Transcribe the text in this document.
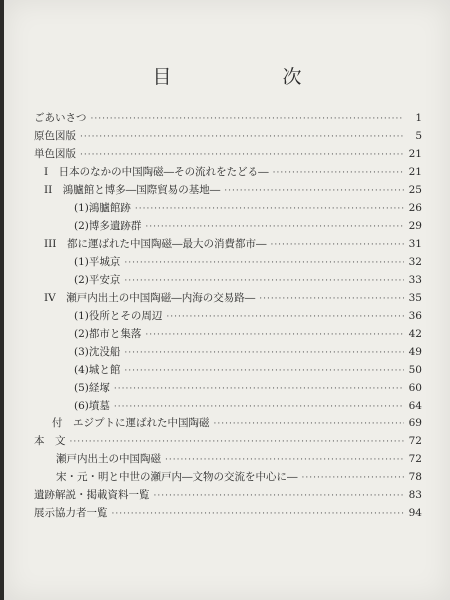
目　次
ごあいさつ ·····	1
原色図版 ·····	5
単色図版 ·····	21
I　日本のなかの中国陶磁―その流れをたどる― ·····	21
II　鴻臚館と博多―国際貿易の基地― ·····	25
(1)鴻臚館跡 ·····	26
(2)博多遺跡群 ·····	29
III　都に運ばれた中国陶磁―最大の消費都市― ·····	31
(1)平城京 ·····	32
(2)平安京 ·····	33
IV　瀬戸内出土の中国陶磁―内海の交易路― ·····	35
(1)役所とその周辺 ·····	36
(2)都市と集落 ·····	42
(3)沈没船 ·····	49
(4)城と館 ·····	50
(5)経塚 ·····	60
(6)墳墓 ·····	64
付　エジプトに運ばれた中国陶磁 ·····	69
本　文 ·····	72
瀬戸内出土の中国陶磁 ·····	72
宋・元・明と中世の瀬戸内―文物の交流を中心に― ·····	78
遺跡解説・掲載資料一覧 ·····	83
展示協力者一覧 ·····	94
